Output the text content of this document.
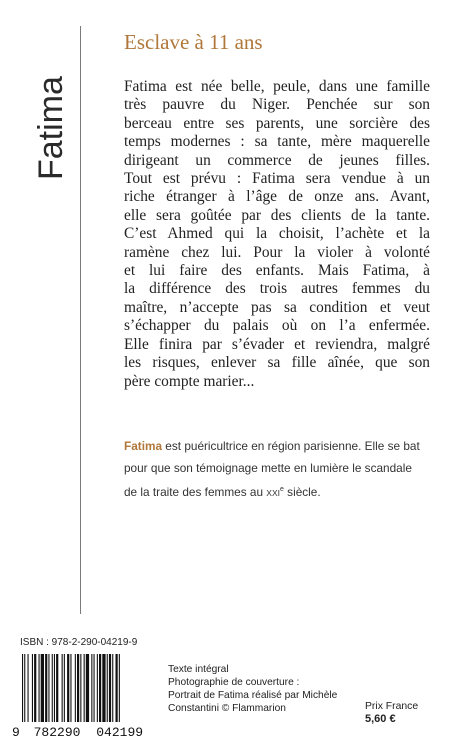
Fatima
Esclave à 11 ans
Fatima est née belle, peule, dans une famille
très pauvre du Niger. Penchée sur son
berceau entre ses parents, une sorcière des
temps modernes : sa tante, mère maquerelle
dirigeant un commerce de jeunes filles.
Tout est prévu : Fatima sera vendue à un
riche étranger à l’âge de onze ans. Avant,
elle sera goûtée par des clients de la tante.
C’est Ahmed qui la choisit, l’achète et la
ramène chez lui. Pour la violer à volonté
et lui faire des enfants. Mais Fatima, à
la différence des trois autres femmes du
maître, n’accepte pas sa condition et veut
s’échapper du palais où on l’a enfermée.
Elle finira par s’évader et reviendra, malgré
les risques, enlever sa fille aînée, que son
père compte marier...
Fatima est puéricultrice en région parisienne. Elle se bat
pour que son témoignage mette en lumière le scandale
de la traite des femmes au XXIe siècle.
ISBN : 978-2-290-04219-9
9 782290 042199
Texte intégral
Photographie de couverture :
Portrait de Fatima réalisé par Michèle
Constantini © Flammarion	Prix France
5,60 €
